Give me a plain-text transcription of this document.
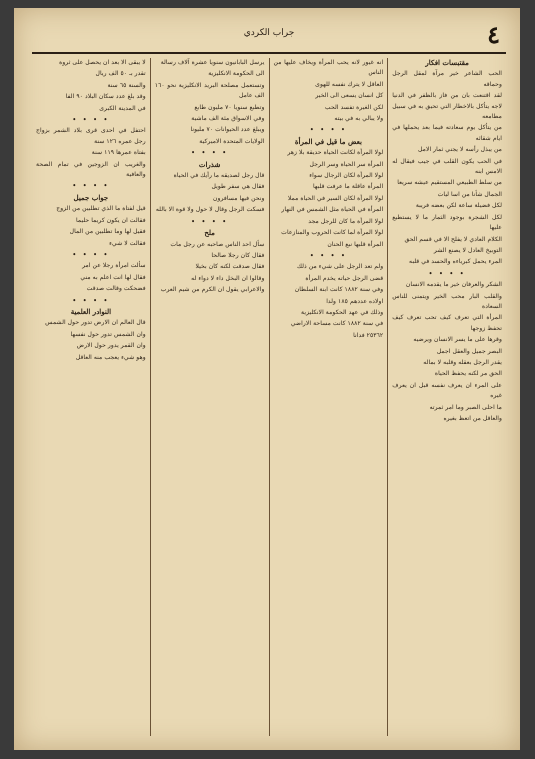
٤
جراب الكردي

مقتبسات افكار

الحب الشاعر خير مرآة لمقل الرجل وحماقه

لقد اقتنعت بان من فاز بالظفر في الدنيا لاجه يتأكل بالاخطار التي تحيق به في سبيل مطامعه

من يتأكل يوم سعادته فيما بعد يحملها في ايام شقائه

من يبذل رأسه لا يجني ثمار الامل

في الحب يكون القلب في جيب فيقال له الامس ابنه

من سلط الطبيعي المستقيم عيشه سريعا

الجمال شأنا من اسا ليات

لكل فضيلة ساعة لكن بعضه فريبة

لكل الشجرة بوجود الثمار ما لا يستطيع عليها

الكلام العادي لا يفلح الا في قسم الحق

التوبيخ العادل لا يصنع الشر

المرء يحمل كبرياءه والحسد في قلبه

• • • •

الشكر والعرفان خير ما يقدمه الانسان

والقلب البار محب الخير ويتمنى للناس السعادة

المرأة التي تعرف كيف تحب تعرف كيف تحفظ زوجها

وقرها على ما يسر الانسان ويرضيه

البصر جميل والعقل اجمل

يقدر الرجل بعقله وقلبه لا بماله

الحق مر لكنه يحفظ الحياة

على المرء ان يعرف نفسه قبل ان يعرف غيره

ما احلى الصبر وما امر ثمرته

والعاقل من اتعظ بغيره

انه غيور لانه يحب المرأة ويخاف عليها من الناس

العاقل لا يترك نفسه للهوى

كل انسان يسعى الى الخير

لكن الغيرة تفسد الحب

ولا يبالي به في بيته

• • • •

بعض ما قيل في المرأة

لولا المرأة لكانت الحياة حديقة بلا زهر

المرأة سر الحياة وسر الرجل

لولا المرأة لكان الرجال سواء

المرأة عاقلة ما عرفت قلبها

لولا المرأة لكان السير في الحياة مملا

المرأة في الحياة مثل الشمس في النهار

لولا المرأة ما كان للرجل مجد

لولا المرأة لما كانت الحروب والمنازعات

المرأة قلبها نبع الحنان

• • • •

ولم تعد الرجل على شيء من ذلك

قضى الرجل حياته يخدم المرأة

وفي سنة ١٨٨٢ كانت ابنة السلطان

اولاده عددهم ١٨٥ ولدا

وذلك في عهد الحكومة الانكليزية

في سنة ١٨٨٢ كانت مساحة الاراضي

٢٥٣٦٢ فدانا

يرسل البابانيون سنويا عشرة آلاف رسالة

الى الحكومة الانكليزية

وتستعمل مصلحة البريد الانكليزية نحو ١٦٠ الف عامل

وتطبع سنويا ٧٠ مليون طابع

وفي الاسواق مئة الف ماشية

ويبلغ عدد الحيوانات ٧٠ مليونا

الولايات المتحدة الاميركية

• • • •

شذرات

قال رجل لصديقه ما رأيك في الحياة

فقال هي سفر طويل

ونحن فيها مسافرون

فسكت الرجل وقال لا حول ولا قوة الا بالله

• • • •

ملح

سأل احد الناس صاحبه عن رجل مات

فقال كان رجلا صالحا

فقال صدقت لكنه كان بخيلا

وقالوا ان البخل داء لا دواء له

والاعرابي يقول ان الكرم من شيم العرب

لا يبقى الا بعد ان يحصل على ثروة

تقدر بـ ٥٠ الف ريال

والسنة ٦٥ سنة

وقد بلغ عدد سكان البلاد ٩٠ الفا

في المدينة الكبرى

• • • •

احتفل في احدى قرى بلاد الشمر بزواج رجل عمره ١٢٦ سنة

بفتاة عمرها ١١٩ سنة

والغريب ان الزوجين في تمام الصحة والعافية

• • • •

جواب جميل

قيل لفتاة ما الذي تطلبين من الزوج

فقالت ان يكون كريما حليما

فقيل لها وما تطلبين من المال

فقالت لا شيء

• • • •

سألت امرأة رجلا عن امر

فقال لها انت اعلم به مني

فضحكت وقالت صدقت

• • • •

النوادر العلمية

قال العالم ان الارض تدور حول الشمس

وان الشمس تدور حول نفسها

وان القمر يدور حول الارض

وهو شيء يعجب منه العاقل
